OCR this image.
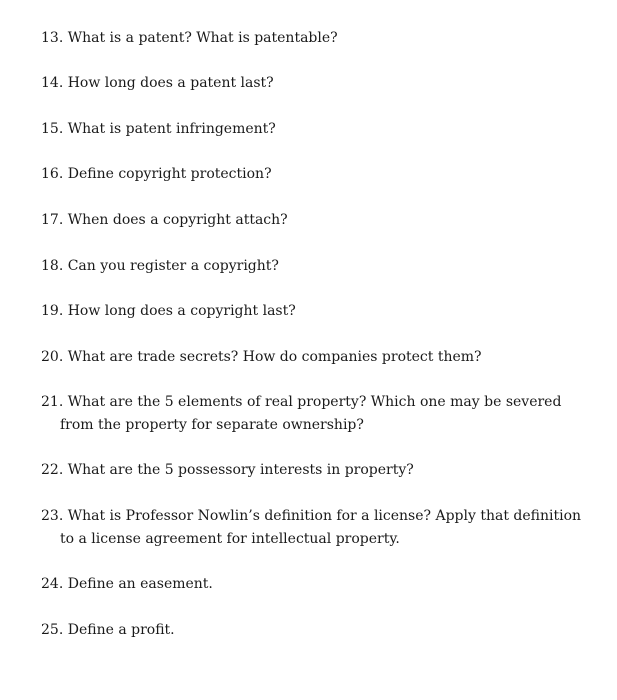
13. What is a patent? What is patentable?
14. How long does a patent last?
15. What is patent infringement?
16. Define copyright protection?
17. When does a copyright attach?
18. Can you register a copyright?
19. How long does a copyright last?
20. What are trade secrets? How do companies protect them?
21. What are the 5 elements of real property? Which one may be severed from the property for separate ownership?
22. What are the 5 possessory interests in property?
23. What is Professor Nowlin’s definition for a license? Apply that definition to a license agreement for intellectual property.
24. Define an easement.
25. Define a profit.
